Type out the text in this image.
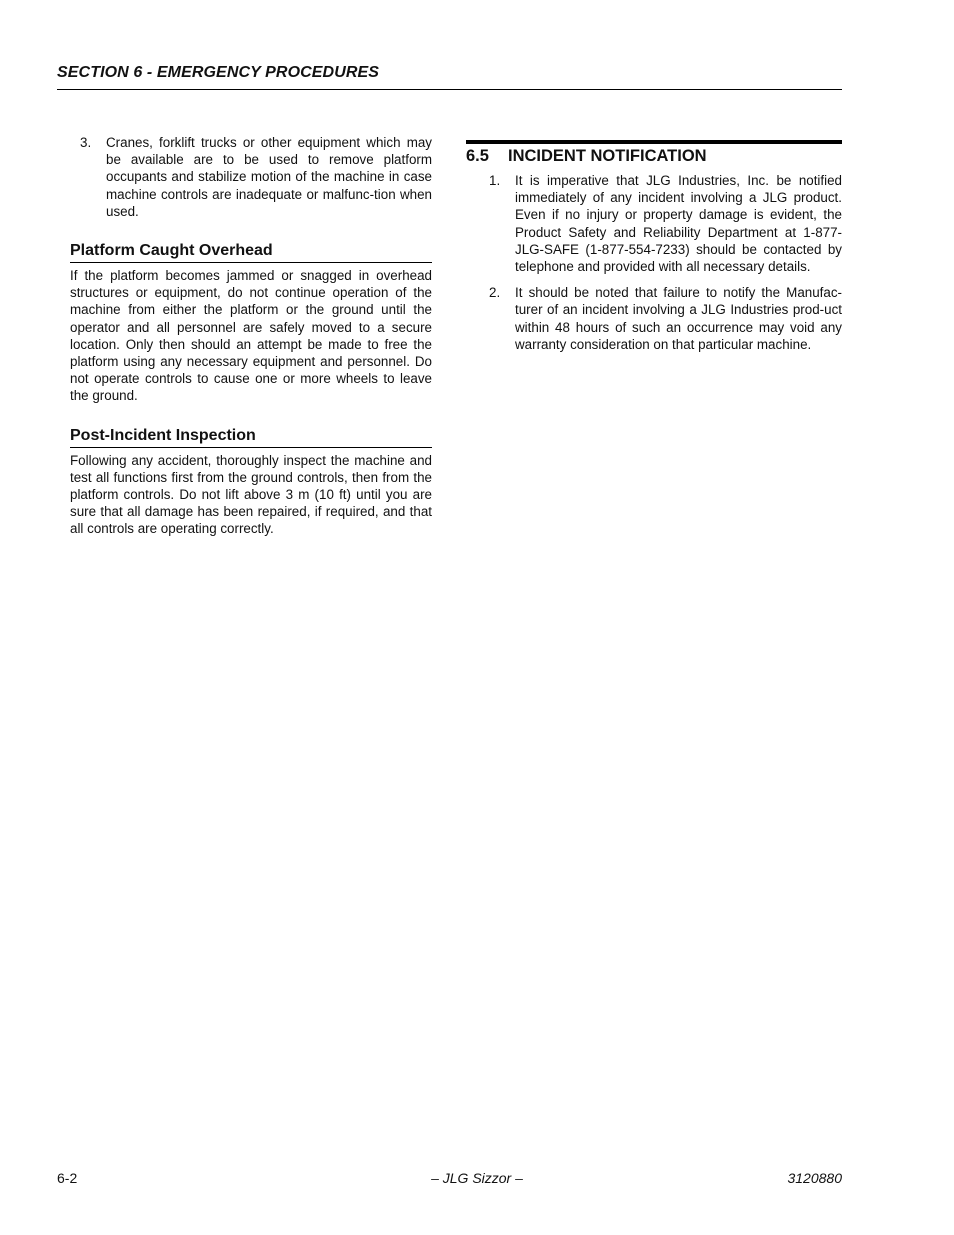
SECTION 6 - EMERGENCY PROCEDURES

3. Cranes, forklift trucks or other equipment which may be available are to be used to remove platform occupants and stabilize motion of the machine in case machine controls are inadequate or malfunc-tion when used.

Platform Caught Overhead

If the platform becomes jammed or snagged in overhead structures or equipment, do not continue operation of the machine from either the platform or the ground until the operator and all personnel are safely moved to a secure location. Only then should an attempt be made to free the platform using any necessary equipment and personnel. Do not operate controls to cause one or more wheels to leave the ground.

Post-Incident Inspection

Following any accident, thoroughly inspect the machine and test all functions first from the ground controls, then from the platform controls. Do not lift above 3 m (10 ft) until you are sure that all damage has been repaired, if required, and that all controls are operating correctly.

6.5	INCIDENT NOTIFICATION

1. It is imperative that JLG Industries, Inc. be notified immediately of any incident involving a JLG product. Even if no injury or property damage is evident, the Product Safety and Reliability Department at 1-877-JLG-SAFE (1-877-554-7233) should be contacted by telephone and provided with all necessary details.

2. It should be noted that failure to notify the Manufac-turer of an incident involving a JLG Industries prod-uct within 48 hours of such an occurrence may void any warranty consideration on that particular machine.

6-2	– JLG Sizzor –	3120880
